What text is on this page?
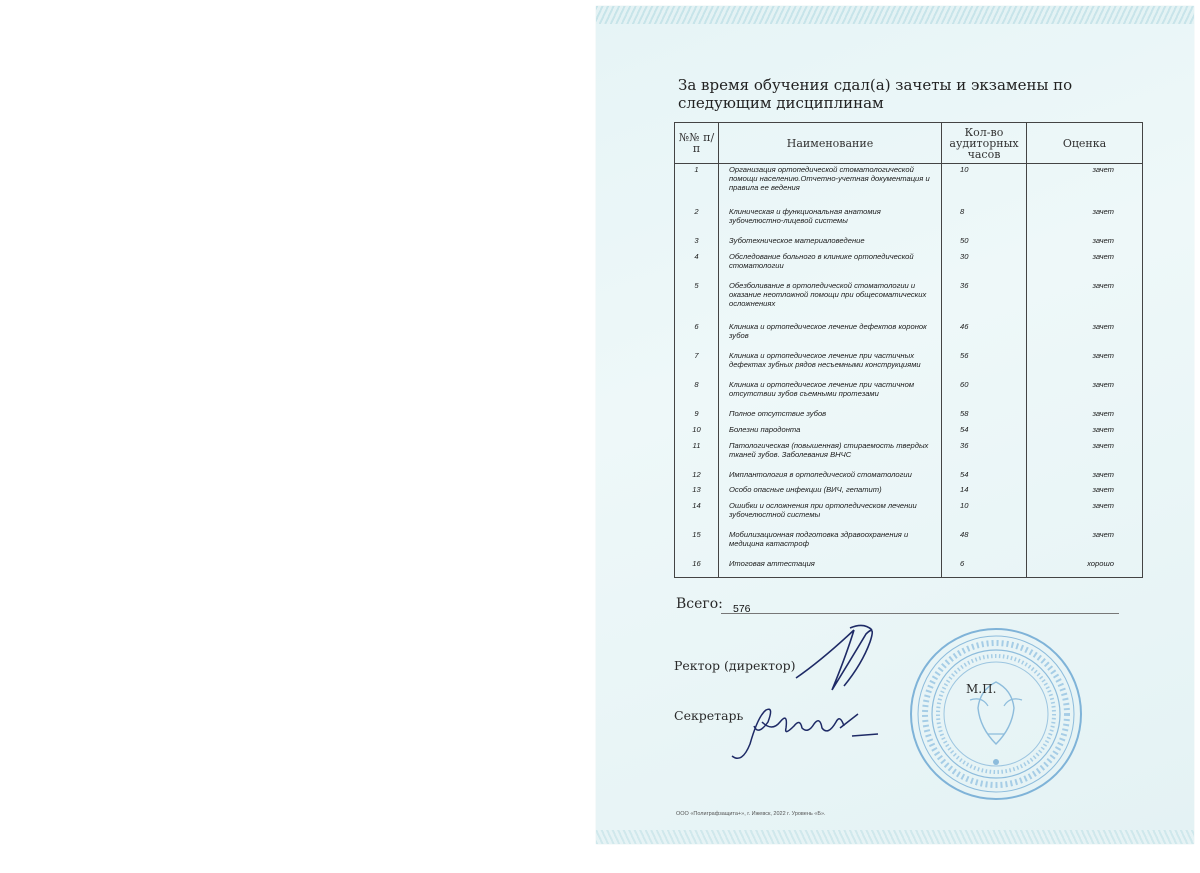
За время обучения сдал(а) зачеты и экзамены по следующим дисциплинам
№№ п/п	Наименование	Кол-во аудиторных часов	Оценка
1	Организация ортопедической стоматологической помощи населению.Отчетно-учетная документация и правила ее ведения	10	зачет
2	Клиническая и функциональная анатомия зубочелюстно-лицевой системы	8	зачет
3	Зуботехническое материаловедение	50	зачет
4	Обследование больного в клинике ортопедической стоматологии	30	зачет
5	Обезболивание в ортопедической стоматологии и оказание неотложной помощи при общесоматических осложнениях	36	зачет
6	Клиника и ортопедическое лечение дефектов коронок зубов	46	зачет
7	Клиника и ортопедическое лечение при частичных дефектах зубных рядов несъемными конструкциями	56	зачет
8	Клиника и ортопедическое лечение при частичном отсутствии зубов съемными протезами	60	зачет
9	Полное отсутствие зубов	58	зачет
10	Болезни пародонта	54	зачет
11	Патологическая (повышенная) стираемость твердых тканей зубов. Заболевания ВНЧС	36	зачет
12	Имплантология в ортопедической стоматологии	54	зачет
13	Особо опасные инфекции (ВИЧ, гепатит)	14	зачет
14	Ошибки и осложнения при ортопедическом лечении зубочелюстной системы	10	зачет
15	Мобилизационная подготовка здравоохранения и медицина катастроф	48	зачет
16	Итоговая аттестация	6	хорошо

Всего: 576
Ректор (директор)
Секретарь
М.П.
ООО «Полиграфзащита+», г. Ижевск, 2022 г. Уровень «Б».
